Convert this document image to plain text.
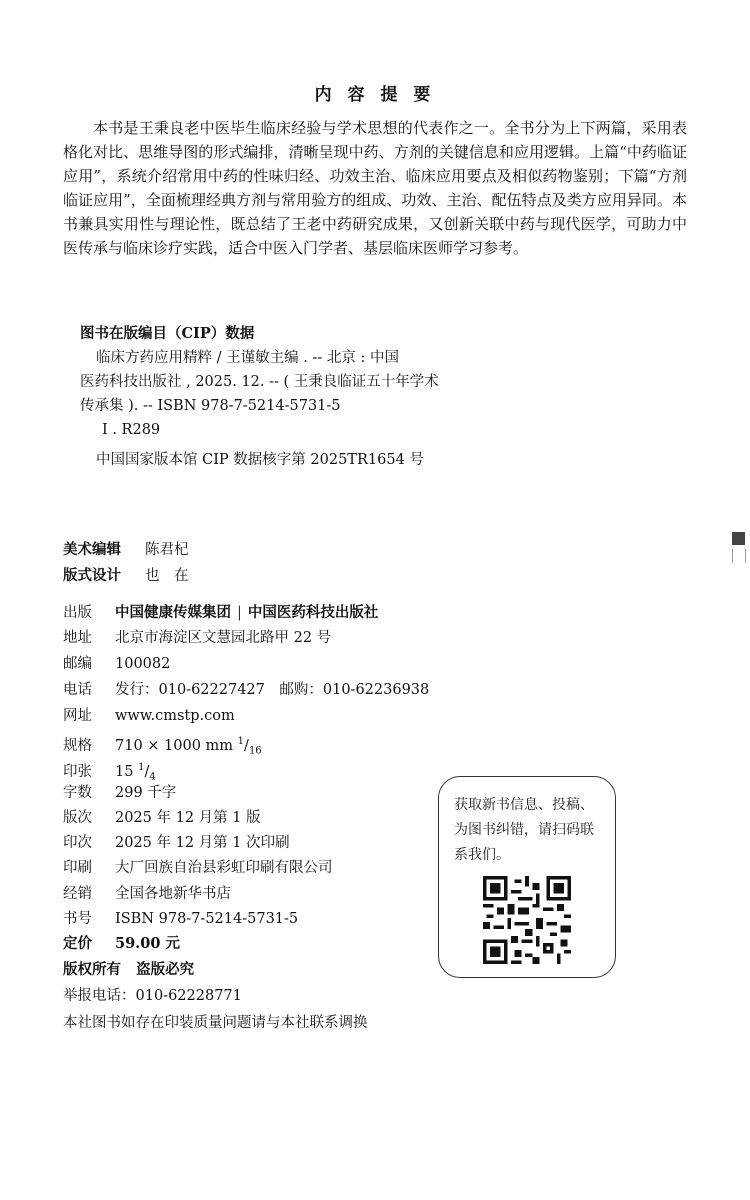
内 容 提 要

本书是王秉良老中医毕生临床经验与学术思想的代表作之一。全书分为上下两篇，采用表格化对比、思维导图的形式编排，清晰呈现中药、方剂的关键信息和应用逻辑。上篇“中药临证应用”，系统介绍常用中药的性味归经、功效主治、临床应用要点及相似药物鉴别；下篇“方剂临证应用”，全面梳理经典方剂与常用验方的组成、功效、主治、配伍特点及类方应用异同。本书兼具实用性与理论性，既总结了王老中药研究成果，又创新关联中药与现代医学，可助力中医传承与临床诊疗实践，适合中医入门学者、基层临床医师学习参考。

图书在版编目（CIP）数据
临床方药应用精粹 / 王谨敏主编 . -- 北京 : 中国
医药科技出版社 , 2025. 12. -- ( 王秉良临证五十年学术
传承集 ). -- ISBN 978-7-5214-5731-5
Ⅰ . R289
中国国家版本馆 CIP 数据核字第 2025TR1654 号
美术编辑 陈君杞
版式设计 也　在
出版 中国健康传媒集团 | 中国医药科技出版社
地址 北京市海淀区文慧园北路甲 22 号
邮编 100082
电话 发行：010-62227427　邮购：010-62236938
网址 www.cmstp.com
规格 710 × 1000 mm $^1/_{16}$
印张 15 $^1/_4$
字数 299 千字
版次 2025 年 12 月第 1 版
印次 2025 年 12 月第 1 次印刷
印刷 大厂回族自治县彩虹印刷有限公司
经销 全国各地新华书店
书号 ISBN 978-7-5214-5731-5
定价 59.00 元
版权所有 盗版必究
举报电话：010-62228771
本社图书如存在印装质量问题请与本社联系调换
获取新书信息、投稿、为图书纠错，请扫码联系我们。
